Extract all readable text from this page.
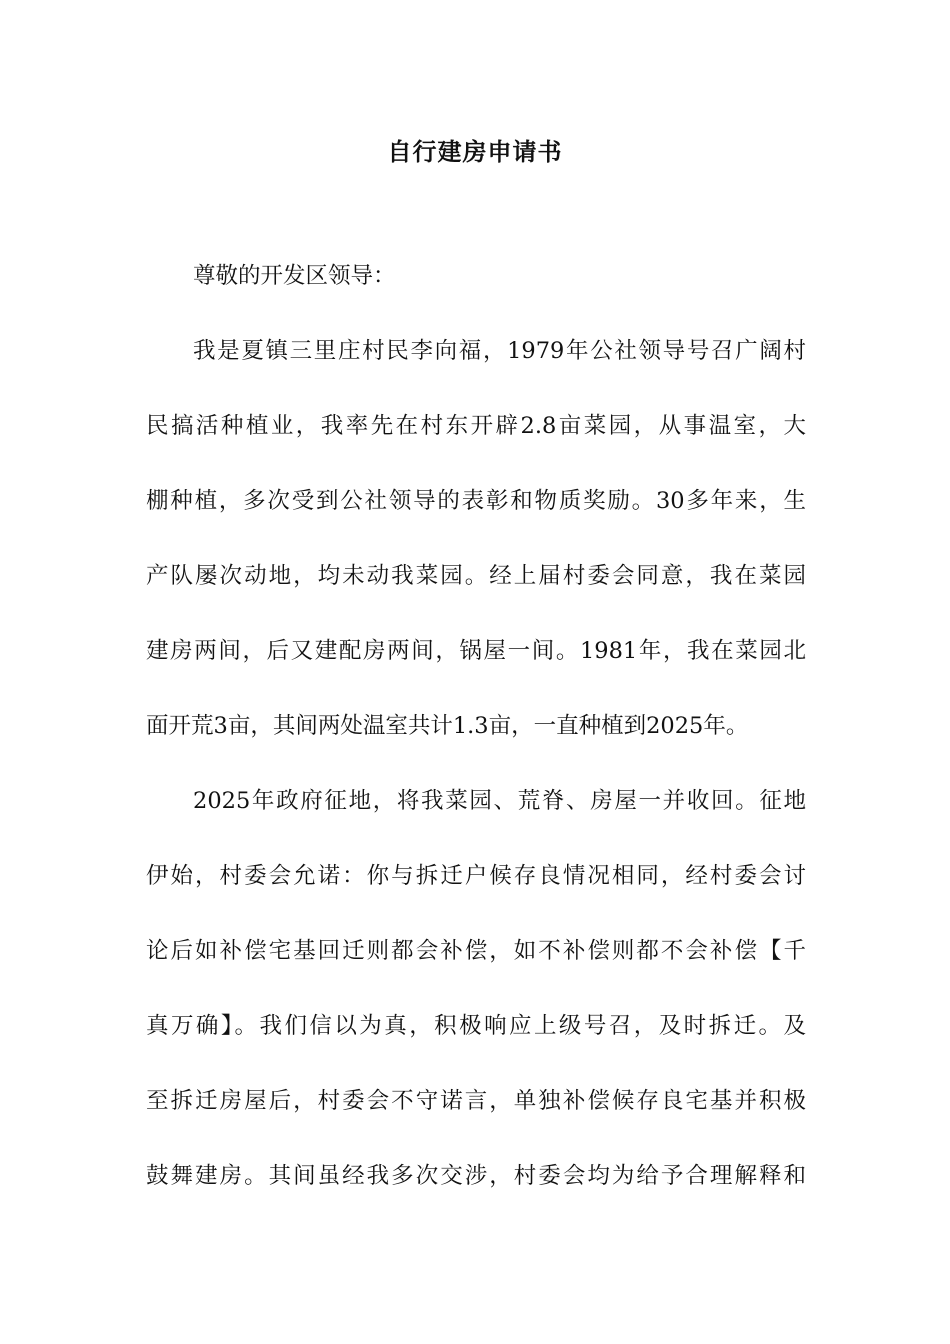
自行建房申请书
尊敬的开发区领导：
我是夏镇三里庄村民李向福，1979年公社领导号召广阔村
民搞活种植业，我率先在村东开辟2.8亩菜园，从事温室，大
棚种植，多次受到公社领导的表彰和物质奖励。30多年来，生
产队屡次动地，均未动我菜园。经上届村委会同意，我在菜园
建房两间，后又建配房两间，锅屋一间。1981年，我在菜园北
面开荒3亩，其间两处温室共计1.3亩，一直种植到2025年。
2025年政府征地，将我菜园、荒脊、房屋一并收回。征地
伊始，村委会允诺：你与拆迁户候存良情况相同，经村委会讨
论后如补偿宅基回迁则都会补偿，如不补偿则都不会补偿【千
真万确】。我们信以为真，积极响应上级号召，及时拆迁。及
至拆迁房屋后，村委会不守诺言，单独补偿候存良宅基并积极
鼓舞建房。其间虽经我多次交涉，村委会均为给予合理解释和
